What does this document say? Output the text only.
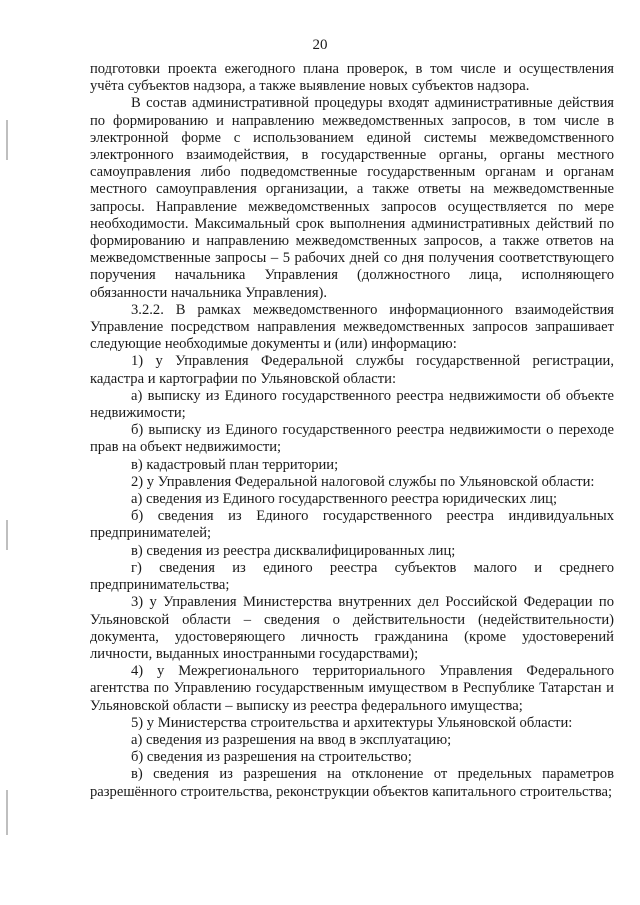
20

подготовки проекта ежегодного плана проверок, в том числе и осуществления учёта субъектов надзора, а также выявление новых субъектов надзора.

В состав административной процедуры входят административные действия по формированию и направлению межведомственных запросов, в том числе в электронной форме с использованием единой системы межведомственного электронного взаимодействия, в государственные органы, органы местного самоуправления либо подведомственные государственным органам и органам местного самоуправления организации, а также ответы на межведомственные запросы. Направление межведомственных запросов осуществляется по мере необходимости. Максимальный срок выполнения административных действий по формированию и направлению межведомственных запросов, а также ответов на межведомственные запросы – 5 рабочих дней со дня получения соответствующего поручения начальника Управления (должностного лица, исполняющего обязанности начальника Управления).

3.2.2. В рамках межведомственного информационного взаимодействия Управление посредством направления межведомственных запросов запрашивает следующие необходимые документы и (или) информацию:

1) у Управления Федеральной службы государственной регистрации, кадастра и картографии по Ульяновской области:

а) выписку из Единого государственного реестра недвижимости об объекте недвижимости;

б) выписку из Единого государственного реестра недвижимости о переходе прав на объект недвижимости;

в) кадастровый план территории;

2) у Управления Федеральной налоговой службы по Ульяновской области:

а) сведения из Единого государственного реестра юридических лиц;

б) сведения из Единого государственного реестра индивидуальных предпринимателей;

в) сведения из реестра дисквалифицированных лиц;

г) сведения из единого реестра субъектов малого и среднего предпринимательства;

3) у Управления Министерства внутренних дел Российской Федерации по Ульяновской области – сведения о действительности (недействительности) документа, удостоверяющего личность гражданина (кроме удостоверений личности, выданных иностранными государствами);

4) у Межрегионального территориального Управления Федерального агентства по Управлению государственным имуществом в Республике Татарстан и Ульяновской области – выписку из реестра федерального имущества;

5) у Министерства строительства и архитектуры Ульяновской области:

а) сведения из разрешения на ввод в эксплуатацию;

б) сведения из разрешения на строительство;

в) сведения из разрешения на отклонение от предельных параметров разрешённого строительства, реконструкции объектов капитального строительства;
